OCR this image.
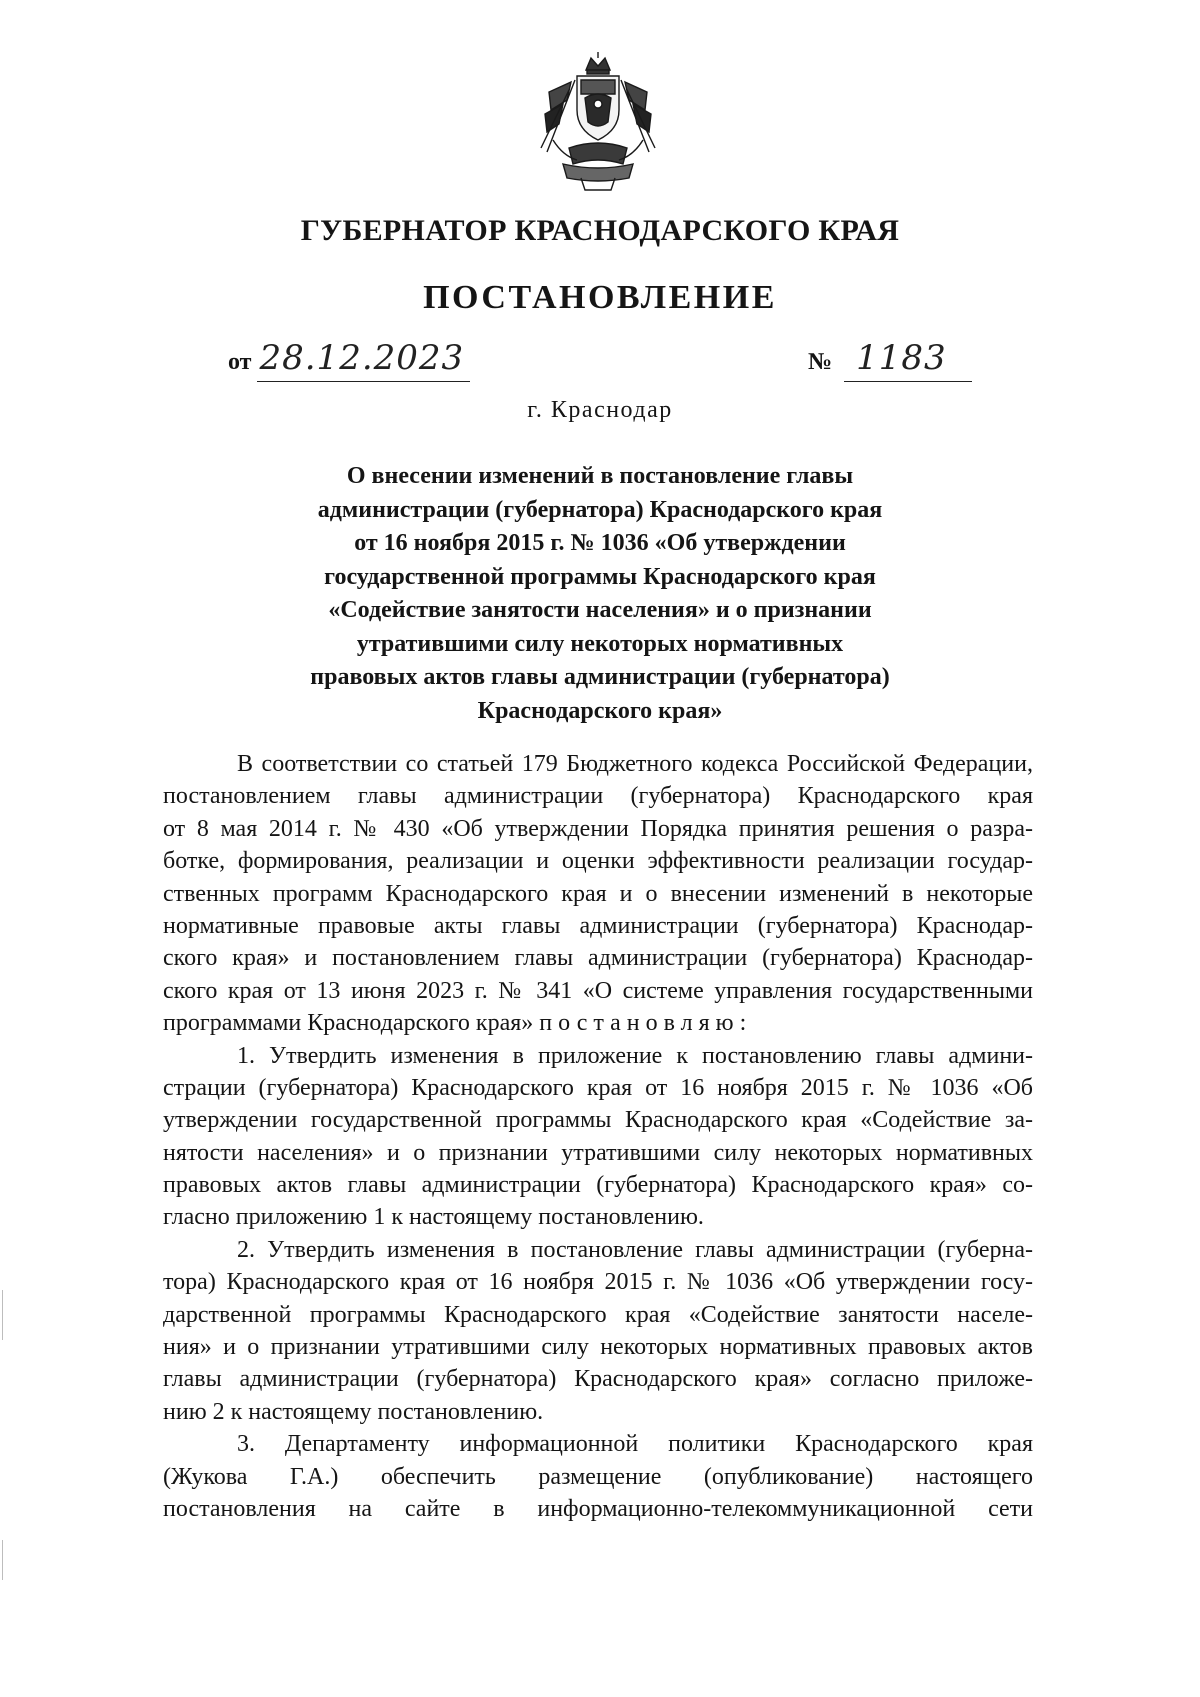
ГУБЕРНАТОР КРАСНОДАРСКОГО КРАЯ
ПОСТАНОВЛЕНИЕ
от 28.12.2023	№ 1183
г. Краснодар
О внесении изменений в постановление главы
администрации (губернатора) Краснодарского края
от 16 ноября 2015 г. № 1036 «Об утверждении
государственной программы Краснодарского края
«Содействие занятости населения» и о признании
утратившими силу некоторых нормативных
правовых актов главы администрации (губернатора)
Краснодарского края»
В соответствии со статьей 179 Бюджетного кодекса Российской Федерации,
постановлением главы администрации (губернатора) Краснодарского края
от 8 мая 2014 г. № 430 «Об утверждении Порядка принятия решения о разра-
ботке, формирования, реализации и оценки эффективности реализации государ-
ственных программ Краснодарского края и о внесении изменений в некоторые
нормативные правовые акты главы администрации (губернатора) Краснодар-
ского края» и постановлением главы администрации (губернатора) Краснодар-
ского края от 13 июня 2023 г. № 341 «О системе управления государственными
программами Краснодарского края» постановляю:
1. Утвердить изменения в приложение к постановлению главы админи-
страции (губернатора) Краснодарского края от 16 ноября 2015 г. № 1036 «Об
утверждении государственной программы Краснодарского края «Содействие за-
нятости населения» и о признании утратившими силу некоторых нормативных
правовых актов главы администрации (губернатора) Краснодарского края» со-
гласно приложению 1 к настоящему постановлению.
2. Утвердить изменения в постановление главы администрации (губерна-
тора) Краснодарского края от 16 ноября 2015 г. № 1036 «Об утверждении госу-
дарственной программы Краснодарского края «Содействие занятости населе-
ния» и о признании утратившими силу некоторых нормативных правовых актов
главы администрации (губернатора) Краснодарского края» согласно приложе-
нию 2 к настоящему постановлению.
3. Департаменту информационной политики Краснодарского края
(Жукова Г.А.) обеспечить размещение (опубликование) настоящего
постановления на сайте в информационно-телекоммуникационной сети
